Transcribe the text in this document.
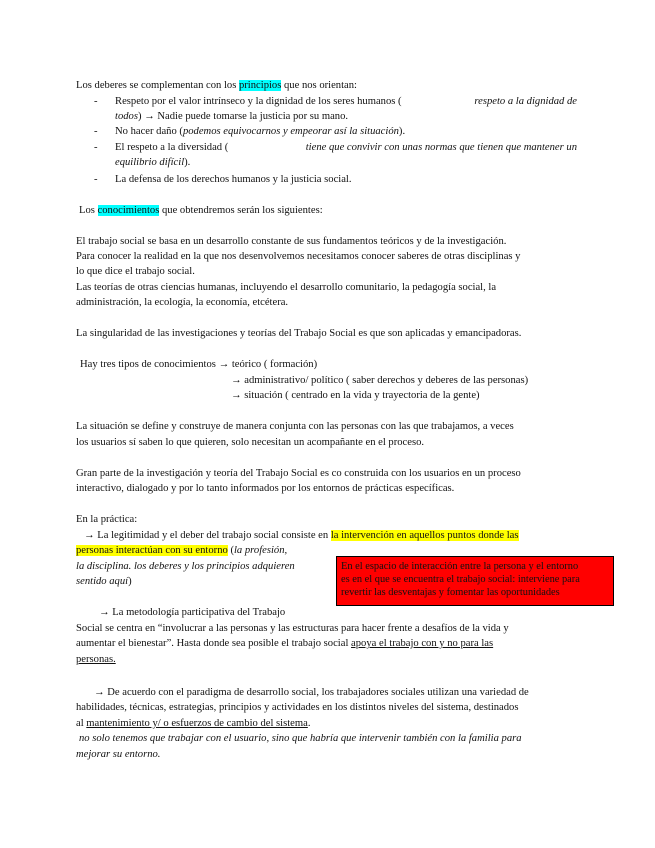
Los deberes se complementan con los principios que nos orientan:
-	Respeto por el valor intrínseco y la dignidad de los seres humanos (	respeto a la dignidad de
todos) → Nadie puede tomarse la justicia por su mano.
-	No hacer daño (podemos equivocarnos y empeorar así la situación).
-	El respeto a la diversidad (	tiene que convivir con unas normas que tienen que mantener un
equilibrio difícil).
-	La defensa de los derechos humanos y la justicia social.
Los conocimientos que obtendremos serán los siguientes:
El trabajo social se basa en un desarrollo constante de sus fundamentos teóricos y de la investigación.
Para conocer la realidad en la que nos desenvolvemos necesitamos conocer saberes de otras disciplinas y
lo que dice el trabajo social.
Las teorías de otras ciencias humanas, incluyendo el desarrollo comunitario, la pedagogía social, la
administración, la ecología, la economía, etcétera.
La singularidad de las investigaciones y teorías del Trabajo Social es que son aplicadas y emancipadoras.
Hay tres tipos de conocimientos → teórico ( formación)
→ administrativo/ político ( saber derechos y deberes de las personas)
→ situación ( centrado en la vida y trayectoria de la gente)
La situación se define y construye de manera conjunta con las personas con las que trabajamos, a veces
los usuarios sí saben lo que quieren, solo necesitan un acompañante en el proceso.
Gran parte de la investigación y teoría del Trabajo Social es co construida con los usuarios en un proceso
interactivo, dialogado y por lo tanto informados por los entornos de prácticas específicas.
En la práctica:
→ La legitimidad y el deber del trabajo social consiste en la intervención en aquellos puntos donde las
personas interactúan con su entorno (la profesión,
la disciplina. los deberes y los principios adquieren
sentido aquí)
En el espacio de interacción entre la persona y el entorno
es en el que se encuentra el trabajo social: interviene para
revertir las desventajas y fomentar las oportunidades
→ La metodología participativa del Trabajo
Social se centra en “involucrar a las personas y las estructuras para hacer frente a desafíos de la vida y
aumentar el bienestar”. Hasta donde sea posible el trabajo social apoya el trabajo con y no para las
personas.
→ De acuerdo con el paradigma de desarrollo social, los trabajadores sociales utilizan una variedad de
habilidades, técnicas, estrategias, principios y actividades en los distintos niveles del sistema, destinados
al mantenimiento y/ o esfuerzos de cambio del sistema.
no solo tenemos que trabajar con el usuario, sino que habría que intervenir también con la familia para
mejorar su entorno.
